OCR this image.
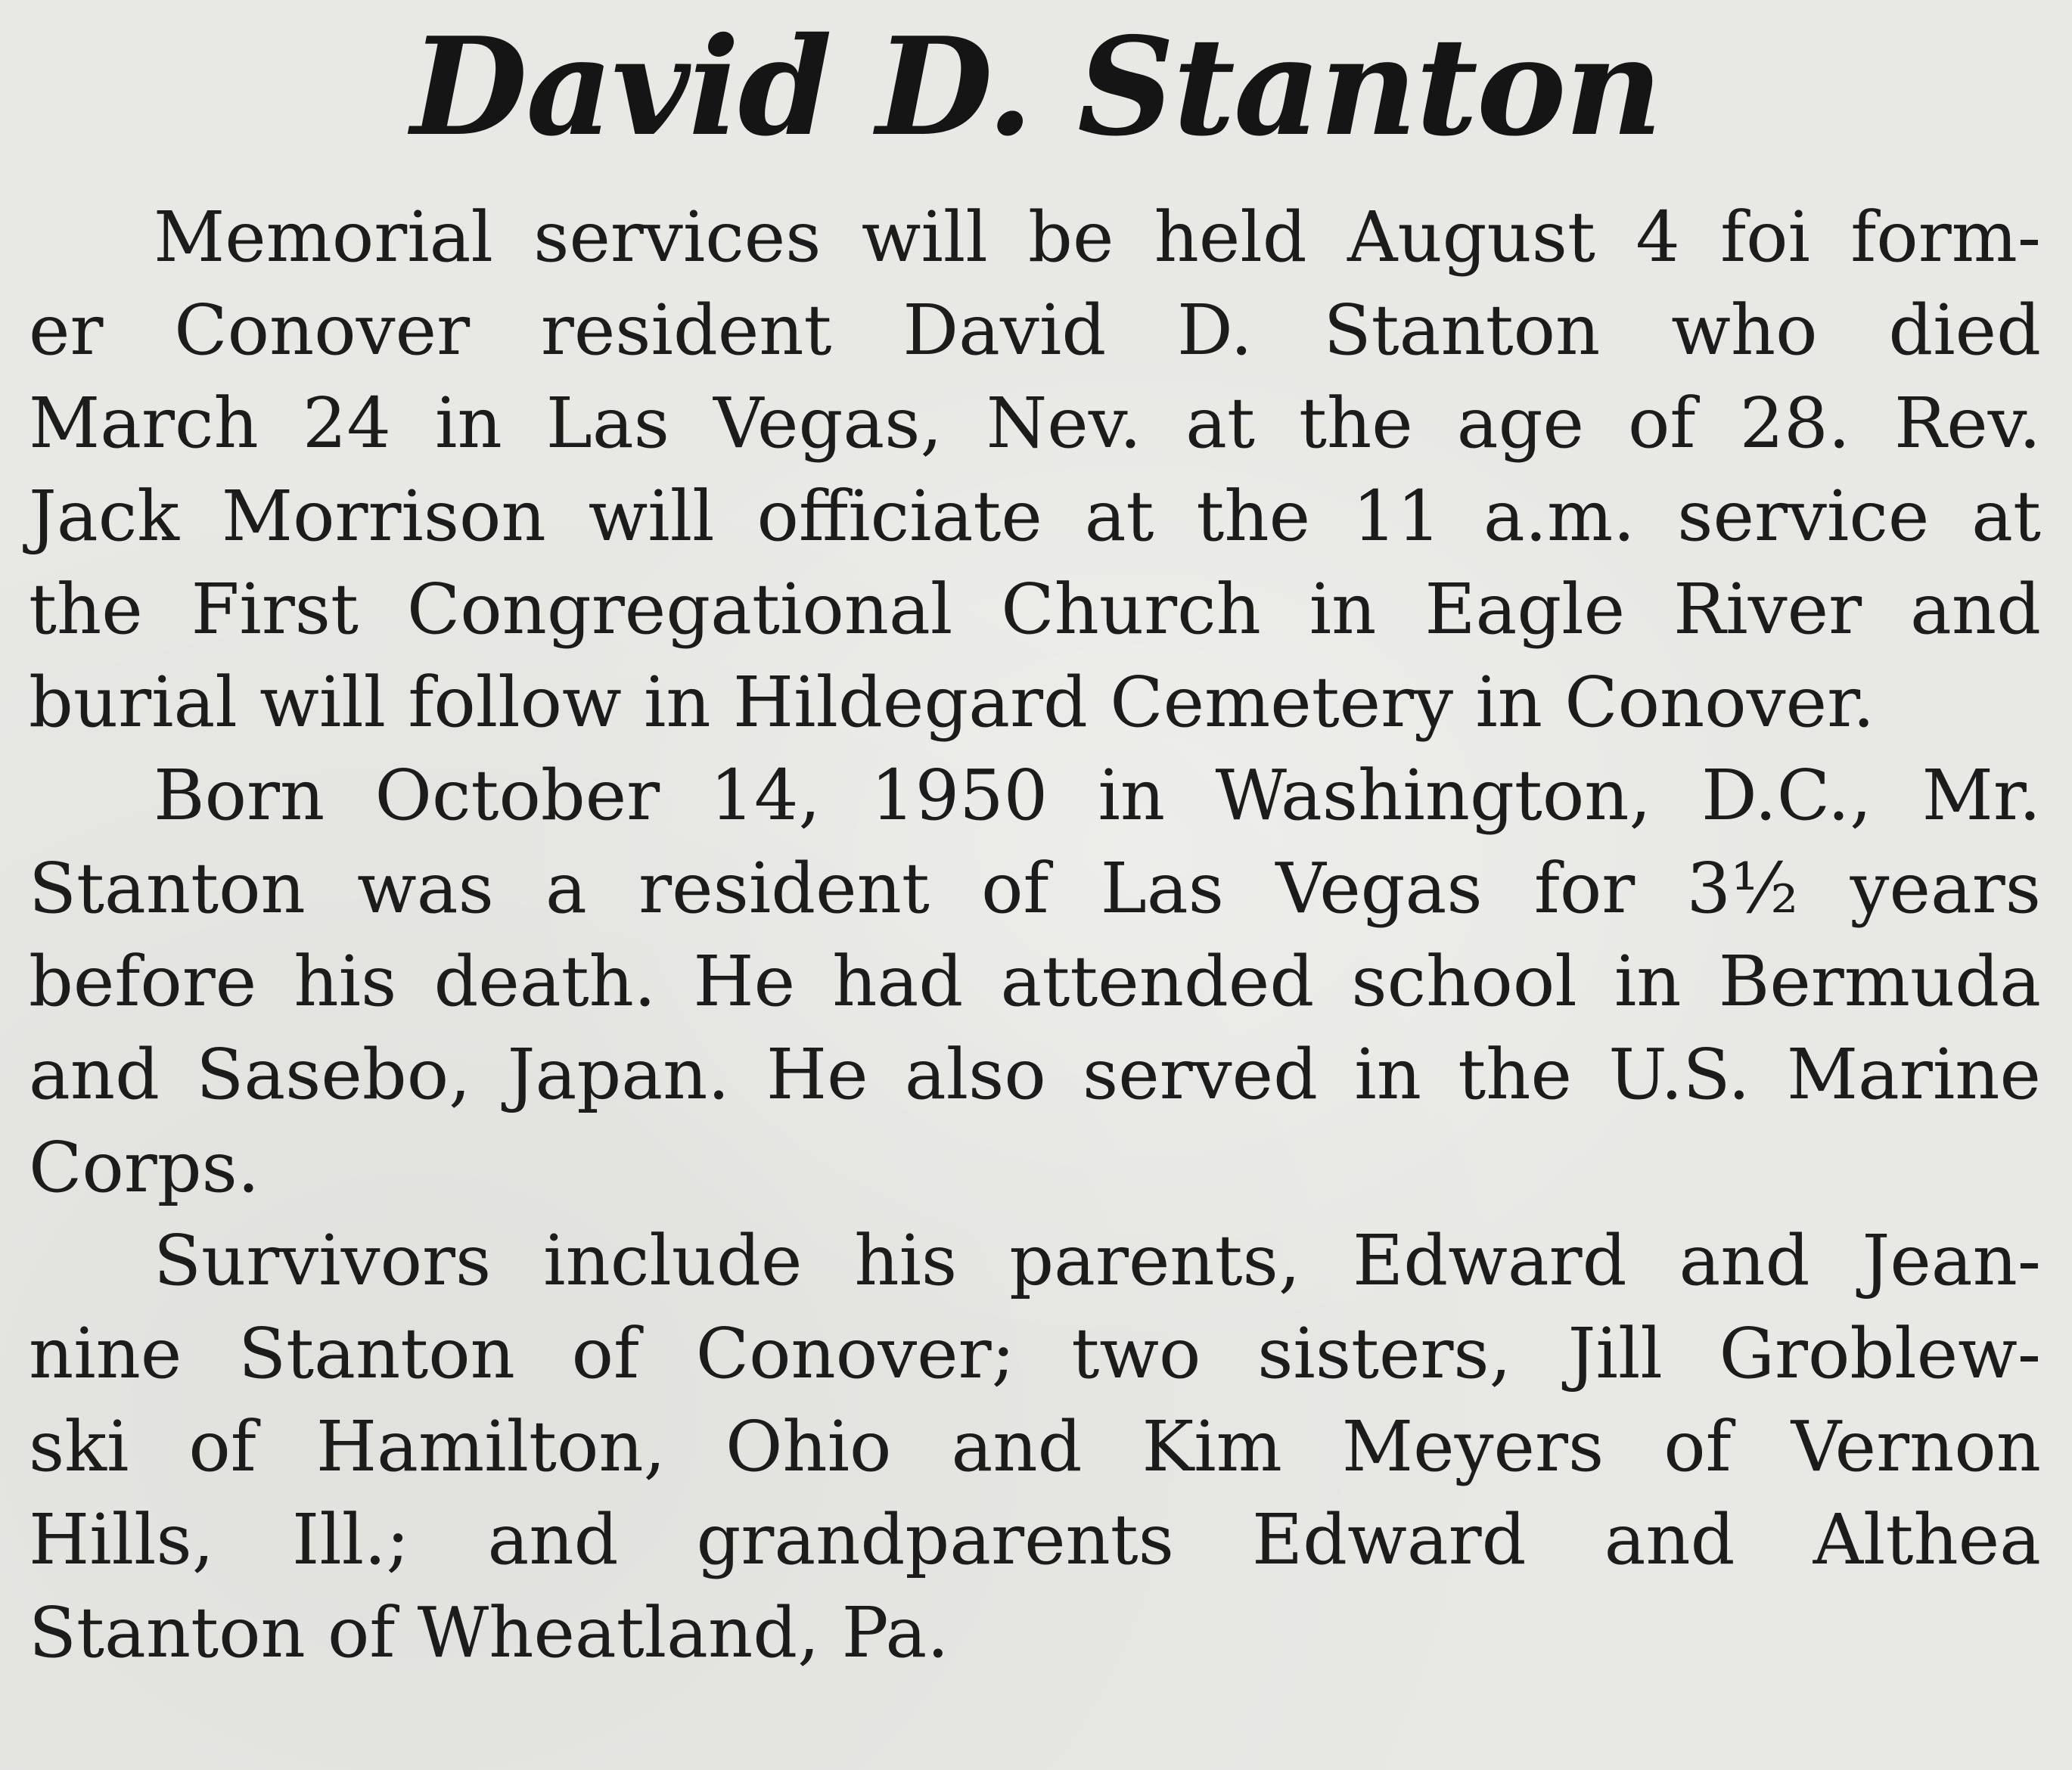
David D. Stanton

Memorial services will be held August 4 foi form-
er Conover resident David D. Stanton who died
March 24 in Las Vegas, Nev. at the age of 28. Rev.
Jack Morrison will officiate at the 11 a.m. service at
the First Congregational Church in Eagle River and
burial will follow in Hildegard Cemetery in Conover.

Born October 14, 1950 in Washington, D.C., Mr.
Stanton was a resident of Las Vegas for 3½ years
before his death. He had attended school in Bermuda
and Sasebo, Japan. He also served in the U.S. Marine
Corps.

Survivors include his parents, Edward and Jean-
nine Stanton of Conover; two sisters, Jill Groblew-
ski of Hamilton, Ohio and Kim Meyers of Vernon
Hills, Ill.; and grandparents Edward and Althea
Stanton of Wheatland, Pa.
